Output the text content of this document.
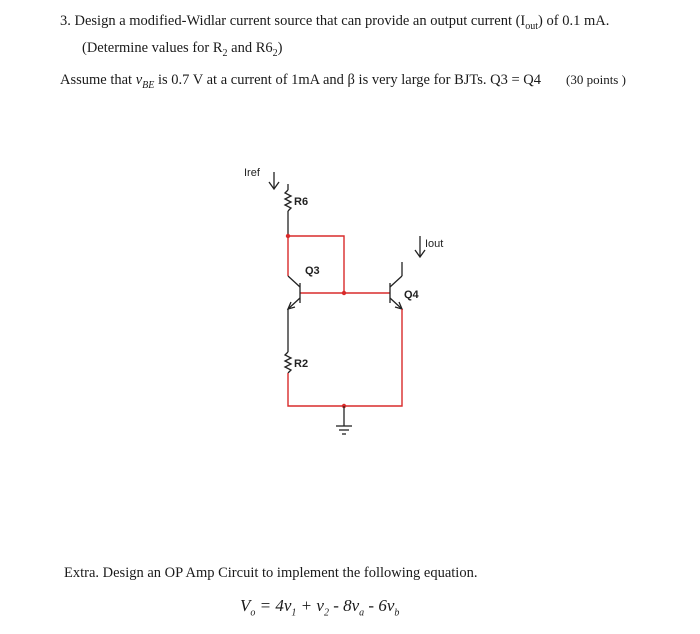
3. Design a modified-Widlar current source that can provide an output current $(I_{out})$ of 0.1 mA.
(Determine values for $R_2$ and $R6_2$)
Assume that $v_{BE}$ is 0.7 V at a current of 1mA and β is very large for BJTs. Q3 = Q4 (30 points )
Iref
R6
Q3
R2
Iout
Q4
Extra. Design an OP Amp Circuit to implement the following equation.
$V_o = 4v_1 + v_2 - 8v_a - 6v_b$
